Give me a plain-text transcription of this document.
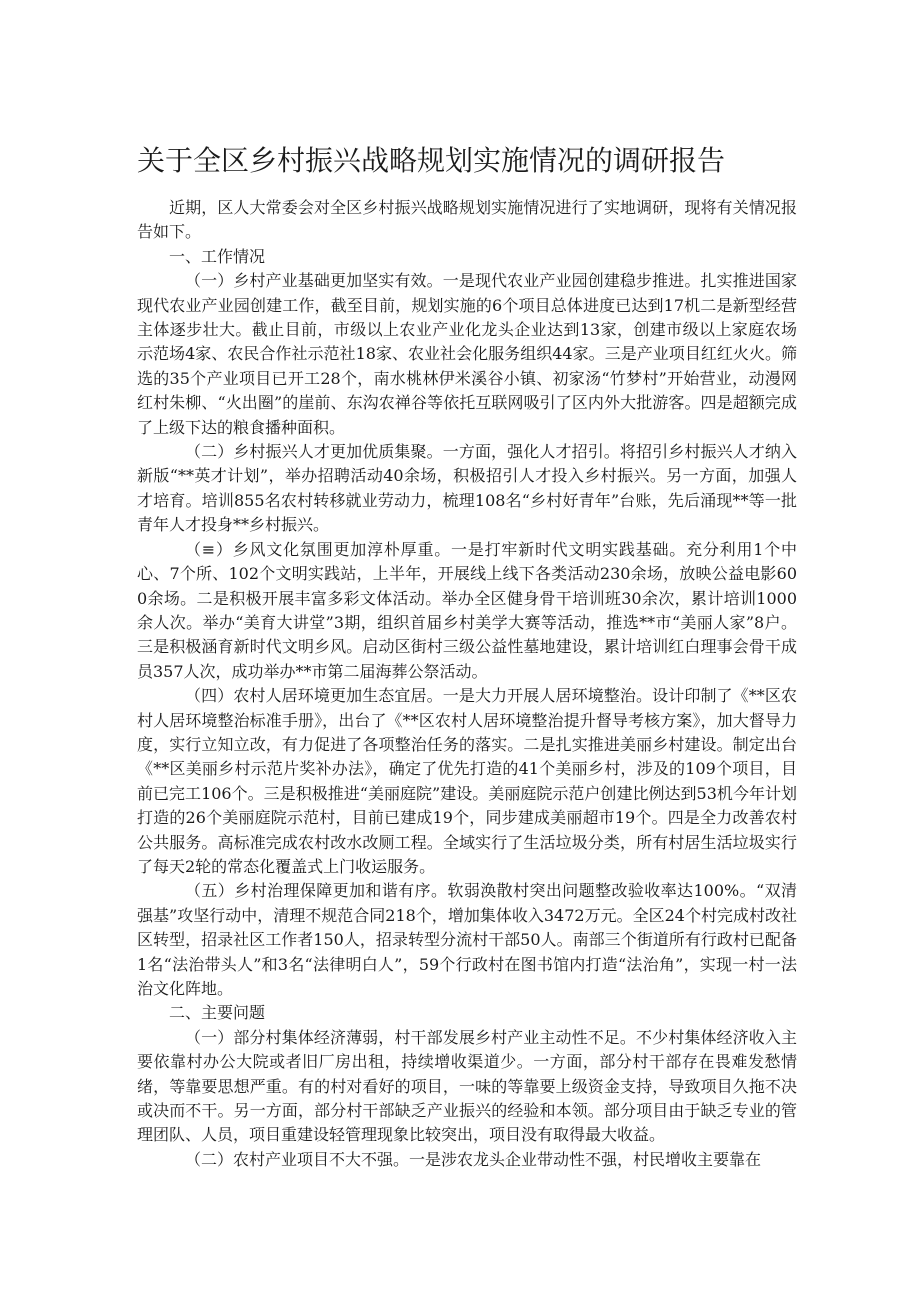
关于全区乡村振兴战略规划实施情况的调研报告

近期，区人大常委会对全区乡村振兴战略规划实施情况进行了实地调研，现将有关情况报告如下。

一、工作情况

（一）乡村产业基础更加坚实有效。一是现代农业产业园创建稳步推进。扎实推进国家现代农业产业园创建工作，截至目前，规划实施的6个项目总体进度已达到17机二是新型经营主体逐步壮大。截止目前，市级以上农业产业化龙头企业达到13家，创建市级以上家庭农场示范场4家、农民合作社示范社18家、农业社会化服务组织44家。三是产业项目红红火火。筛选的35个产业项目已开工28个，南水桃林伊米溪谷小镇、初家汤“竹梦村”开始营业，动漫网红村朱柳、“火出圈”的崖前、东沟农禅谷等依托互联网吸引了区内外大批游客。四是超额完成了上级下达的粮食播种面积。

（二）乡村振兴人才更加优质集聚。一方面，强化人才招引。将招引乡村振兴人才纳入新版“**英才计划”，举办招聘活动40余场，积极招引人才投入乡村振兴。另一方面，加强人才培育。培训855名农村转移就业劳动力，梳理108名“乡村好青年”台账，先后涌现**等一批青年人才投身**乡村振兴。

（≡）乡风文化氛围更加淳朴厚重。一是打牢新时代文明实践基础。充分利用1个中心、7个所、102个文明实践站，上半年，开展线上线下各类活动230余场，放映公益电影600余场。二是积极开展丰富多彩文体活动。举办全区健身骨干培训班30余次，累计培训1000余人次。举办“美育大讲堂”3期，组织首届乡村美学大赛等活动，推选**市“美丽人家”8户。三是积极涵育新时代文明乡风。启动区街村三级公益性墓地建设，累计培训红白理事会骨干成员357人次，成功举办**市第二届海葬公祭活动。

（四）农村人居环境更加生态宜居。一是大力开展人居环境整治。设计印制了《**区农村人居环境整治标准手册》，出台了《**区农村人居环境整治提升督导考核方案》，加大督导力度，实行立知立改，有力促进了各项整治任务的落实。二是扎实推进美丽乡村建设。制定出台《**区美丽乡村示范片奖补办法》，确定了优先打造的41个美丽乡村，涉及的109个项目，目前已完工106个。三是积极推进“美丽庭院”建设。美丽庭院示范户创建比例达到53机今年计划打造的26个美丽庭院示范村，目前已建成19个，同步建成美丽超市19个。四是全力改善农村公共服务。高标准完成农村改水改厕工程。全域实行了生活垃圾分类，所有村居生活垃圾实行了每天2轮的常态化覆盖式上门收运服务。

（五）乡村治理保障更加和谐有序。软弱涣散村突出问题整改验收率达100%。“双清强基”攻坚行动中，清理不规范合同218个，增加集体收入3472万元。全区24个村完成村改社区转型，招录社区工作者150人，招录转型分流村干部50人。南部三个街道所有行政村已配备1名“法治带头人”和3名“法律明白人”，59个行政村在图书馆内打造“法治角”，实现一村一法治文化阵地。

二、主要问题

（一）部分村集体经济薄弱，村干部发展乡村产业主动性不足。不少村集体经济收入主要依靠村办公大院或者旧厂房出租，持续增收渠道少。一方面，部分村干部存在畏难发愁情绪，等靠要思想严重。有的村对看好的项目，一味的等靠要上级资金支持，导致项目久拖不决或决而不干。另一方面，部分村干部缺乏产业振兴的经验和本领。部分项目由于缺乏专业的管理团队、人员，项目重建设轻管理现象比较突出，项目没有取得最大收益。

（二）农村产业项目不大不强。一是涉农龙头企业带动性不强，村民增收主要靠在
